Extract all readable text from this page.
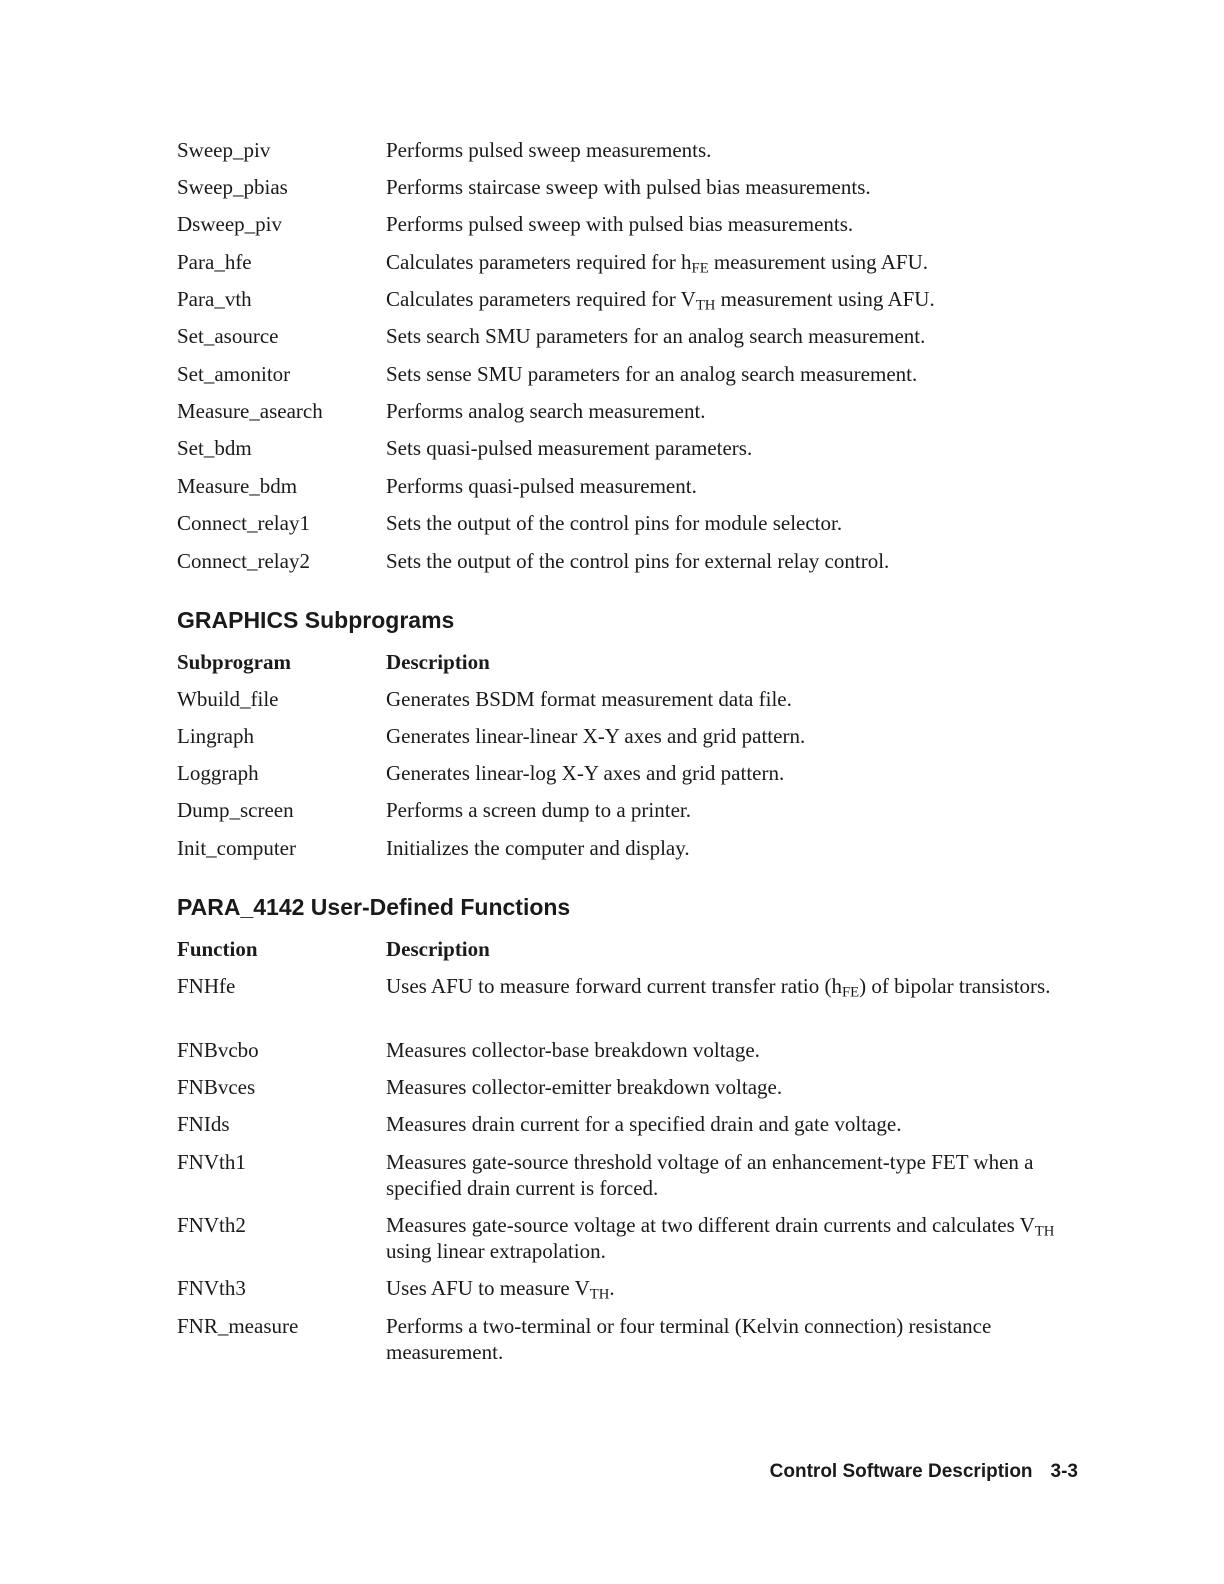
Sweep_piv	Performs pulsed sweep measurements.
Sweep_pbias	Performs staircase sweep with pulsed bias measurements.
Dsweep_piv	Performs pulsed sweep with pulsed bias measurements.
Para_hfe	Calculates parameters required for $h_{FE}$ measurement using AFU.
Para_vth	Calculates parameters required for $V_{TH}$ measurement using AFU.
Set_asource	Sets search SMU parameters for an analog search measurement.
Set_amonitor	Sets sense SMU parameters for an analog search measurement.
Measure_asearch	Performs analog search measurement.
Set_bdm	Sets quasi-pulsed measurement parameters.
Measure_bdm	Performs quasi-pulsed measurement.
Connect_relay1	Sets the output of the control pins for module selector.
Connect_relay2	Sets the output of the control pins for external relay control.
GRAPHICS Subprograms
Subprogram	Description
Wbuild_file	Generates BSDM format measurement data file.
Lingraph	Generates linear-linear X-Y axes and grid pattern.
Loggraph	Generates linear-log X-Y axes and grid pattern.
Dump_screen	Performs a screen dump to a printer.
Init_computer	Initializes the computer and display.
PARA_4142 User-Defined Functions
Function	Description
FNHfe	Uses AFU to measure forward current transfer ratio $(h_{FE})$ of bipolar transistors.
FNBvcbo	Measures collector-base breakdown voltage.
FNBvces	Measures collector-emitter breakdown voltage.
FNIds	Measures drain current for a specified drain and gate voltage.
FNVth1	Measures gate-source threshold voltage of an enhancement-type FET when a specified drain current is forced.
FNVth2	Measures gate-source voltage at two different drain currents and calculates $V_{TH}$ using linear extrapolation.
FNVth3	Uses AFU to measure $V_{TH}$.
FNR_measure	Performs a two-terminal or four terminal (Kelvin connection) resistance measurement.
Control Software Description 3-3
